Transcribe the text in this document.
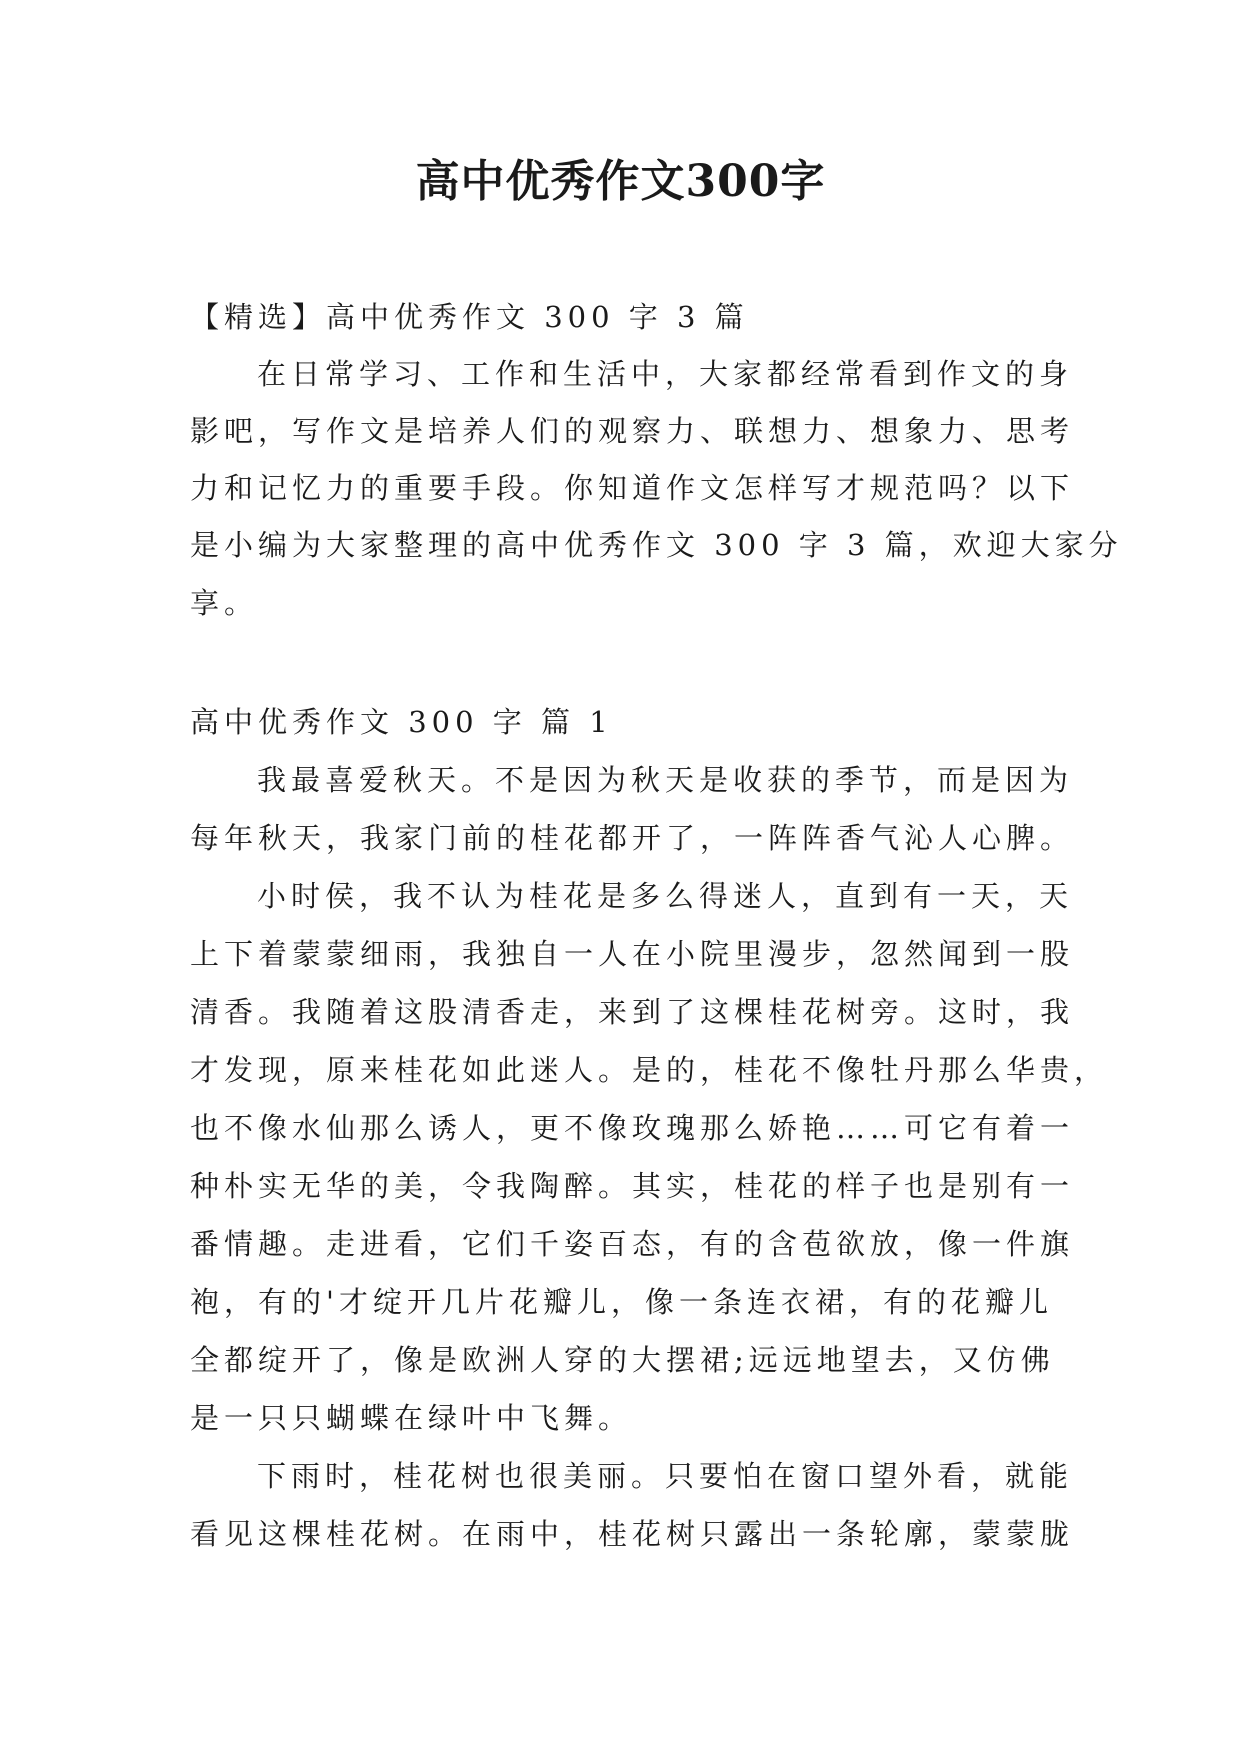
高中优秀作文300字

【精选】高中优秀作文 300 字 3 篇

在日常学习、工作和生活中，大家都经常看到作文的身

影吧，写作文是培养人们的观察力、联想力、想象力、思考

力和记忆力的重要手段。你知道作文怎样写才规范吗？以下

是小编为大家整理的高中优秀作文 300 字 3 篇，欢迎大家分

享。

高中优秀作文 300 字 篇 1

我最喜爱秋天。不是因为秋天是收获的季节，而是因为

每年秋天，我家门前的桂花都开了，一阵阵香气沁人心脾。

小时侯，我不认为桂花是多么得迷人，直到有一天，天

上下着蒙蒙细雨，我独自一人在小院里漫步，忽然闻到一股

清香。我随着这股清香走，来到了这棵桂花树旁。这时，我

才发现，原来桂花如此迷人。是的，桂花不像牡丹那么华贵，

也不像水仙那么诱人，更不像玫瑰那么娇艳……可它有着一

种朴实无华的美，令我陶醉。其实，桂花的样子也是别有一

番情趣。走进看，它们千姿百态，有的含苞欲放，像一件旗

袍，有的'才绽开几片花瓣儿，像一条连衣裙，有的花瓣儿

全都绽开了，像是欧洲人穿的大摆裙;远远地望去，又仿佛

是一只只蝴蝶在绿叶中飞舞。

下雨时，桂花树也很美丽。只要怕在窗口望外看，就能

看见这棵桂花树。在雨中，桂花树只露出一条轮廓，蒙蒙胧
